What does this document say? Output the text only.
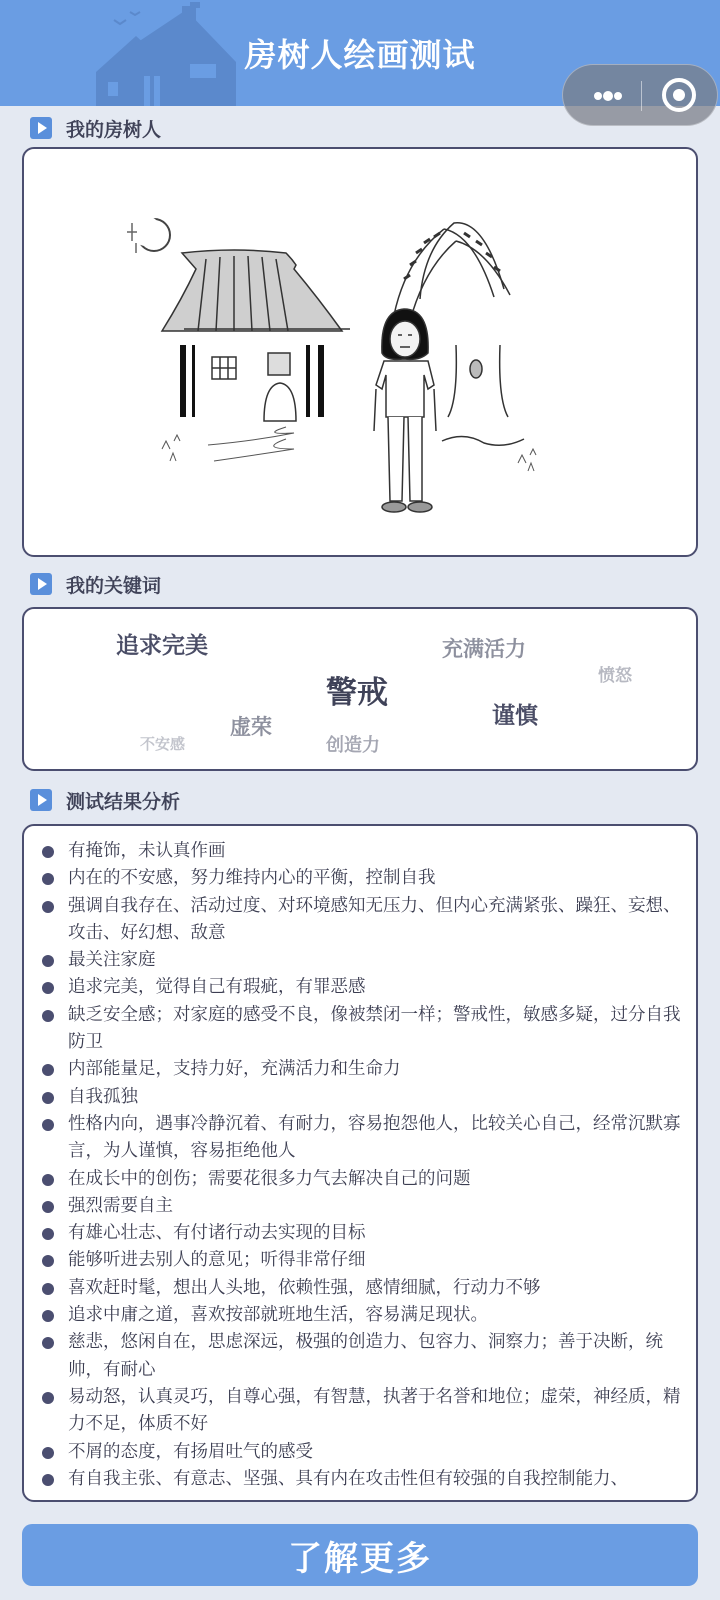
房树人绘画测试
我的房树人
我的关键词
追求完美	充满活力
愤怒
警戒
谨慎
虚荣
不安感	创造力
测试结果分析
有掩饰，未认真作画
内在的不安感，努力维持内心的平衡，控制自我
强调自我存在、活动过度、对环境感知无压力、但内心充满紧张、躁狂、妄想、攻击、好幻想、敌意
最关注家庭
追求完美，觉得自己有瑕疵，有罪恶感
缺乏安全感；对家庭的感受不良，像被禁闭一样；警戒性，敏感多疑，过分自我防卫
内部能量足，支持力好，充满活力和生命力
自我孤独
性格内向，遇事冷静沉着、有耐力，容易抱怨他人，比较关心自己，经常沉默寡言，为人谨慎，容易拒绝他人
在成长中的创伤；需要花很多力气去解决自己的问题
强烈需要自主
有雄心壮志、有付诸行动去实现的目标
能够听进去别人的意见；听得非常仔细
喜欢赶时髦，想出人头地，依赖性强，感情细腻，行动力不够
追求中庸之道，喜欢按部就班地生活，容易满足现状。
慈悲，悠闲自在，思虑深远，极强的创造力、包容力、洞察力；善于决断，统帅，有耐心
易动怒，认真灵巧，自尊心强，有智慧，执著于名誉和地位；虚荣，神经质，精力不足，体质不好
不屑的态度，有扬眉吐气的感受
有自我主张、有意志、坚强、具有内在攻击性但有较强的自我控制能力、
了解更多
